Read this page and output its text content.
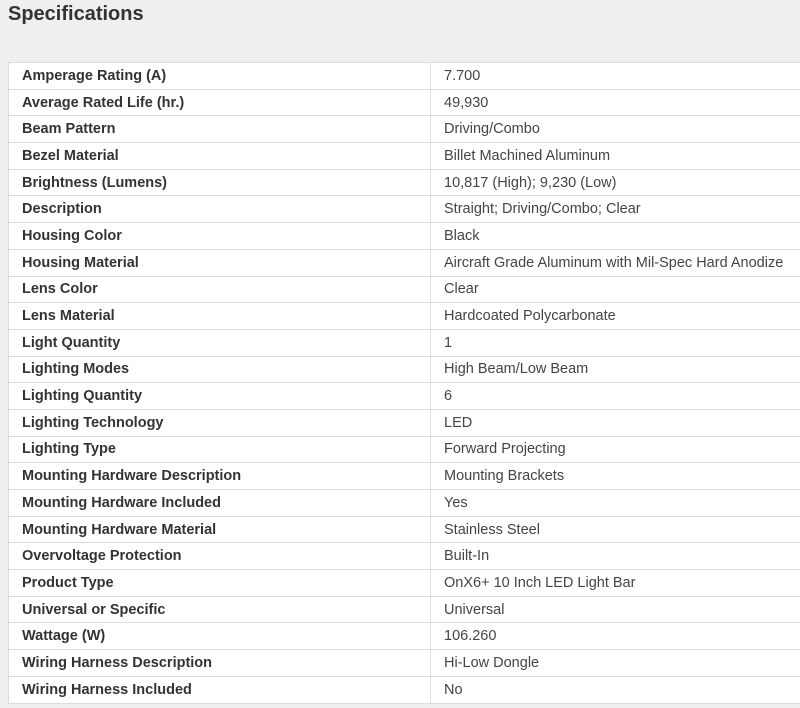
Specifications
Amperage Rating (A)	7.700
Average Rated Life (hr.)	49,930
Beam Pattern	Driving/Combo
Bezel Material	Billet Machined Aluminum
Brightness (Lumens)	10,817 (High); 9,230 (Low)
Description	Straight; Driving/Combo; Clear
Housing Color	Black
Housing Material	Aircraft Grade Aluminum with Mil-Spec Hard Anodize
Lens Color	Clear
Lens Material	Hardcoated Polycarbonate
Light Quantity	1
Lighting Modes	High Beam/Low Beam
Lighting Quantity	6
Lighting Technology	LED
Lighting Type	Forward Projecting
Mounting Hardware Description	Mounting Brackets
Mounting Hardware Included	Yes
Mounting Hardware Material	Stainless Steel
Overvoltage Protection	Built-In
Product Type	OnX6+ 10 Inch LED Light Bar
Universal or Specific	Universal
Wattage (W)	106.260
Wiring Harness Description	Hi-Low Dongle
Wiring Harness Included	No
